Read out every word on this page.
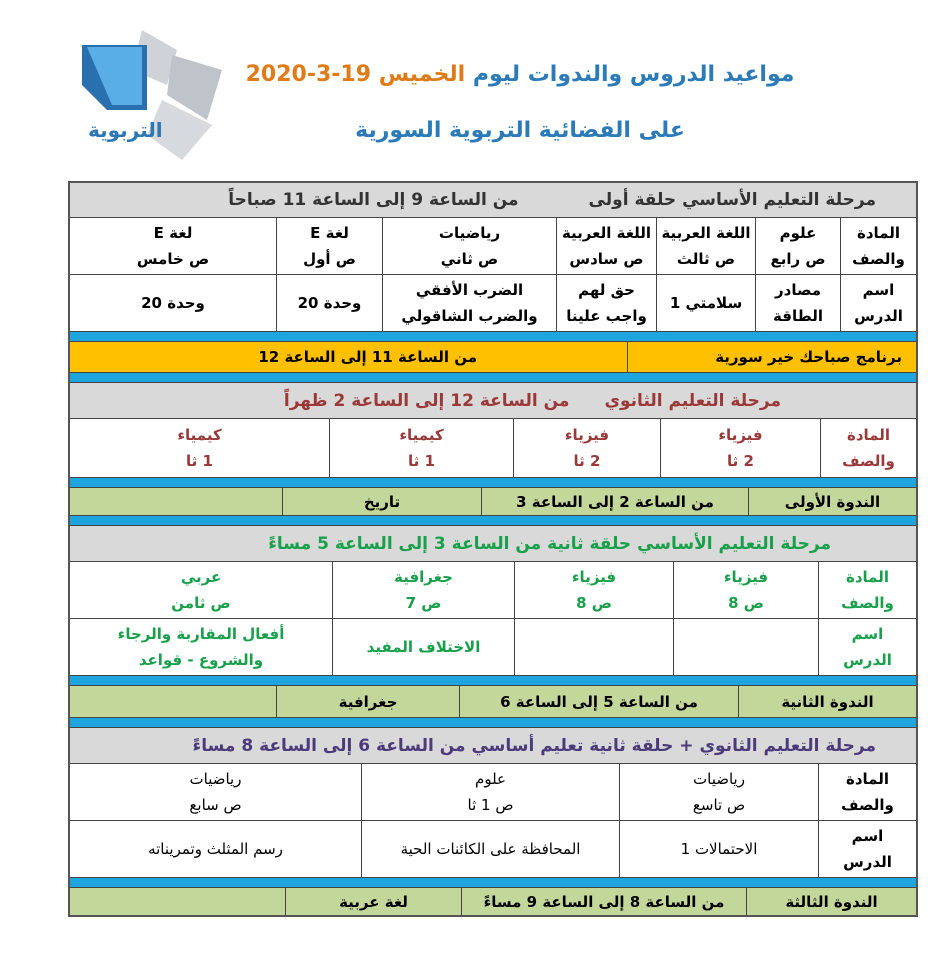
التربوية
مواعيد الدروس والندوات ليوم الخميس 19-3-2020
على الفضائية التربوية السورية
مرحلة التعليم الأساسي حلقة أولى
من الساعة 9 إلى الساعة 11 صباحاً
المادة
والصف
علوم
ص رابع
اللغة العربية
ص ثالث
اللغة العربية
ص سادس
رياضيات
ص ثاني
لغة E
ص أول
لغة E
ص خامس
اسم
الدرس
مصادر
الطاقة
سلامتي 1
حق لهم
واجب علينا
الضرب الأفقي
والضرب الشاقولي
وحدة 20
وحدة 20
برنامج صباحك خير سورية
من الساعة 11 إلى الساعة 12
مرحلة التعليم الثانوي
من الساعة 12 إلى الساعة 2 ظهراً
المادة
والصف
فيزياء
2 ثا
فيزياء
2 ثا
كيمياء
1 ثا
كيمياء
1 ثا
الندوة الأولى
من الساعة 2 إلى الساعة 3
تاريخ
مرحلة التعليم الأساسي حلقة ثانية من الساعة 3 إلى الساعة 5 مساءً
المادة
والصف
فيزياء
ص 8
فيزياء
ص 8
جغرافية
ص 7
عربي
ص ثامن
اسم
الدرس
الاختلاف المفيد
أفعال المقاربة والرجاء
والشروع - قواعد
الندوة الثانية
من الساعة 5 إلى الساعة 6
جغرافية
مرحلة التعليم الثانوي + حلقة ثانية تعليم أساسي من الساعة 6 إلى الساعة 8 مساءً
المادة
والصف
رياضيات
ص تاسع
علوم
ص 1 ثا
رياضيات
ص سابع
اسم
الدرس
الاحتمالات 1
المحافظة على الكائنات الحية
رسم المثلث وتمريناته
الندوة الثالثة
من الساعة 8 إلى الساعة 9 مساءً
لغة عربية
